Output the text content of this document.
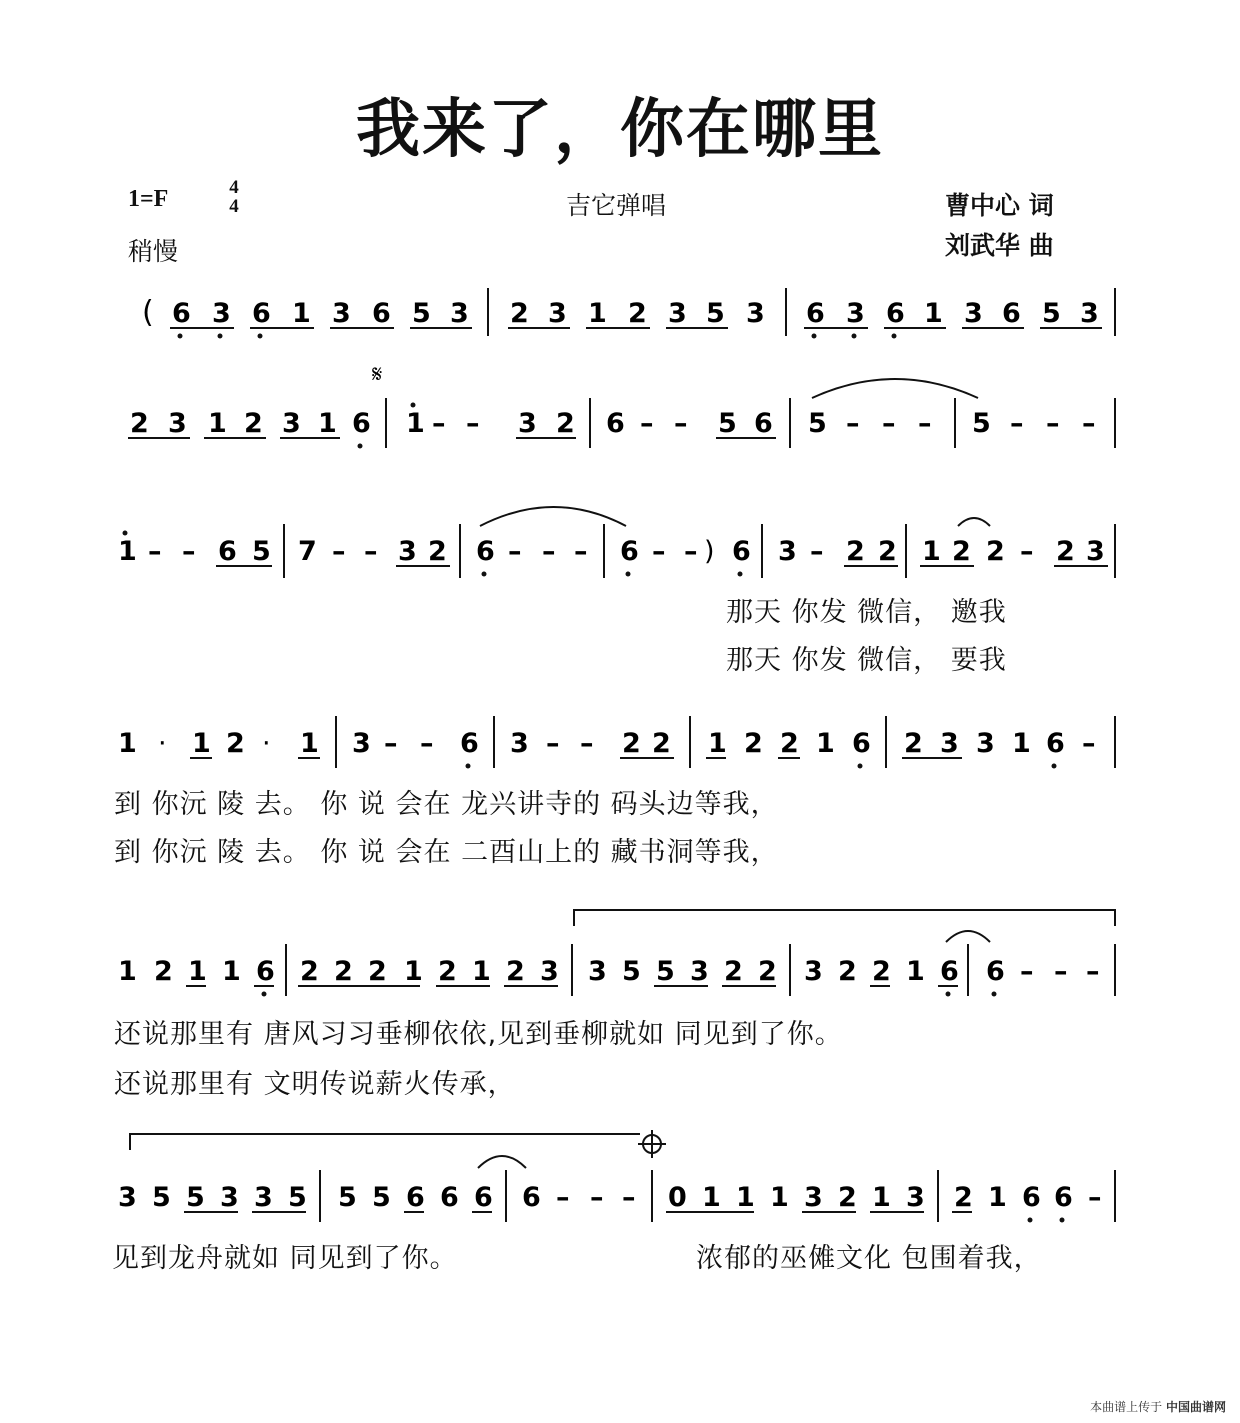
我来了，你在哪里
1=F	4
4
稍慢
吉它弹唱	曹中心 词
刘武华 曲
( 6 3 6 1 3 6 5 3 2 3 1 2 3 5 3 6 3 6 1 3 6 5 3
𝄋
2 3 1 2 3 1 6 1 – – 3 2 6 – – 5 6 5 – – – 5 – – –
1 – – 6 5 7 – – 3 2 6 – – – 6 – – ) 6 3 – 2 2 1 2 2 – 2 3
1 · 1 2 · 1 3 – – 6 3 – – 2 2 1 2 2 1 6 2 3 3 1 6 –
1 2 1 1 6 2 2 2 1 2 1 2 3 3 5 5 3 2 2 3 2 2 1 6 6 – – –
3 5 5 3 3 5 5 5 6 6 6 6 – – – 0 1 1 1 3 2 1 3 2 1 6 6 –
那天 你发 微信， 邀我
那天 你发 微信， 要我
到 你沅 陵 去。 你 说 会在 龙兴讲寺的 码头边等我，
到 你沅 陵 去。 你 说 会在 二酉山上的 藏书洞等我，
还说那里有 唐风习习垂柳依依,见到垂柳就如 同见到了你。
还说那里有 文明传说薪火传承，
见到龙舟就如 同见到了你。	浓郁的巫傩文化 包围着我，
本曲谱上传于 中国曲谱网
